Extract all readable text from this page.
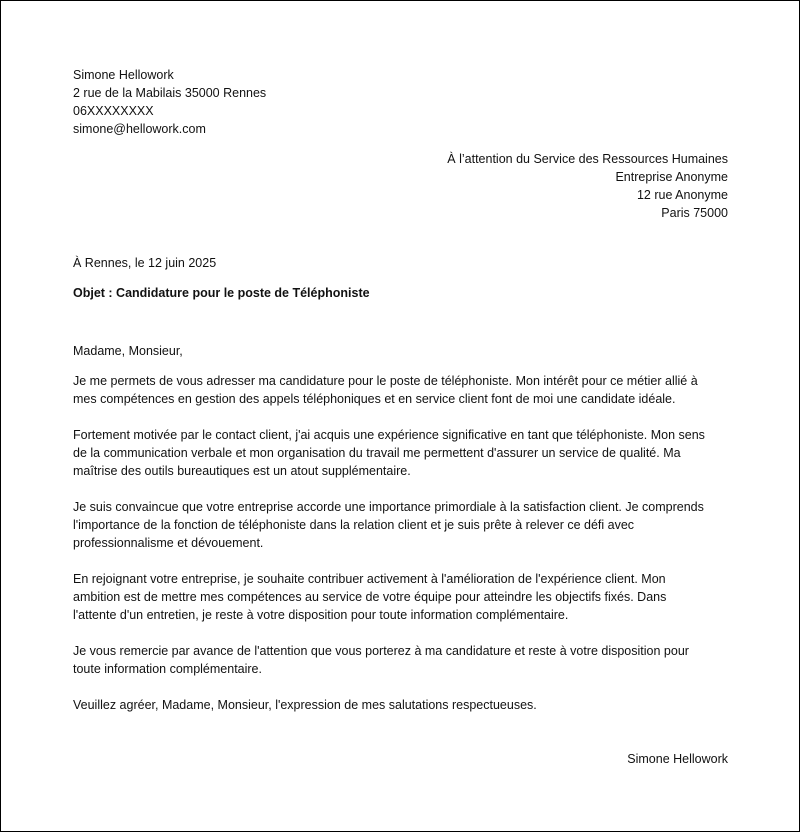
Simone Hellowork
2 rue de la Mabilais 35000 Rennes
06XXXXXXXX
simone@hellowork.com
À l’attention du Service des Ressources Humaines
Entreprise Anonyme
12 rue Anonyme
Paris 75000
À Rennes, le 12 juin 2025
Objet : Candidature pour le poste de Téléphoniste
Madame, Monsieur,
Je me permets de vous adresser ma candidature pour le poste de téléphoniste. Mon intérêt pour ce métier allié à
mes compétences en gestion des appels téléphoniques et en service client font de moi une candidate idéale.
Fortement motivée par le contact client, j'ai acquis une expérience significative en tant que téléphoniste. Mon sens
de la communication verbale et mon organisation du travail me permettent d'assurer un service de qualité. Ma
maîtrise des outils bureautiques est un atout supplémentaire.
Je suis convaincue que votre entreprise accorde une importance primordiale à la satisfaction client. Je comprends
l'importance de la fonction de téléphoniste dans la relation client et je suis prête à relever ce défi avec
professionnalisme et dévouement.
En rejoignant votre entreprise, je souhaite contribuer activement à l'amélioration de l'expérience client. Mon
ambition est de mettre mes compétences au service de votre équipe pour atteindre les objectifs fixés. Dans
l'attente d'un entretien, je reste à votre disposition pour toute information complémentaire.
Je vous remercie par avance de l'attention que vous porterez à ma candidature et reste à votre disposition pour
toute information complémentaire.
Veuillez agréer, Madame, Monsieur, l'expression de mes salutations respectueuses.
Simone Hellowork
